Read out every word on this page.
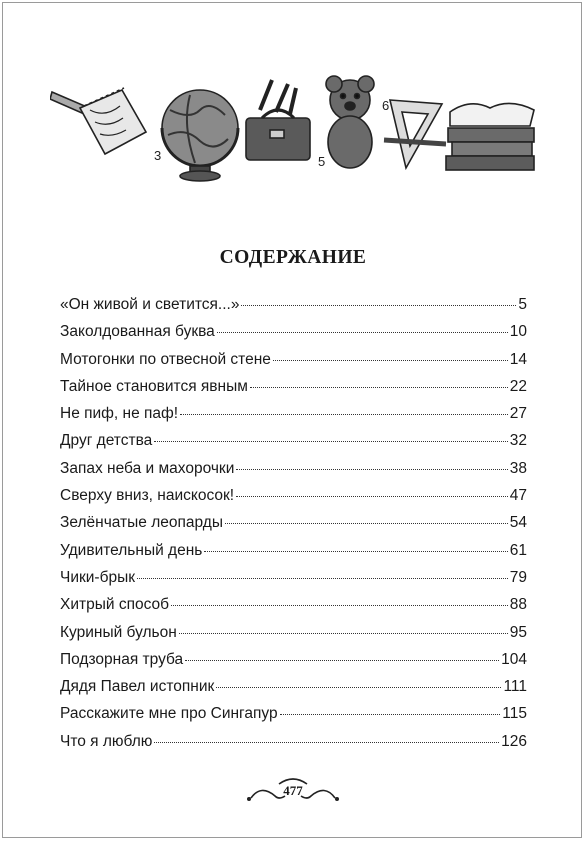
3	5
6
СОДЕРЖАНИЕ
«Он живой и светится...»	5
Заколдованная буква	10
Мотогонки по отвесной стене	14
Тайное становится явным	22
Не пиф, не паф!	27
Друг детства	32
Запах неба и махорочки	38
Сверху вниз, наискосок!	47
Зелёнчатые леопарды	54
Удивительный день	61
Чики-брык	79
Хитрый способ	88
Куриный бульон	95
Подзорная труба	104
Дядя Павел истопник	111
Расскажите мне про Сингапур	115
Что я люблю	126
477
